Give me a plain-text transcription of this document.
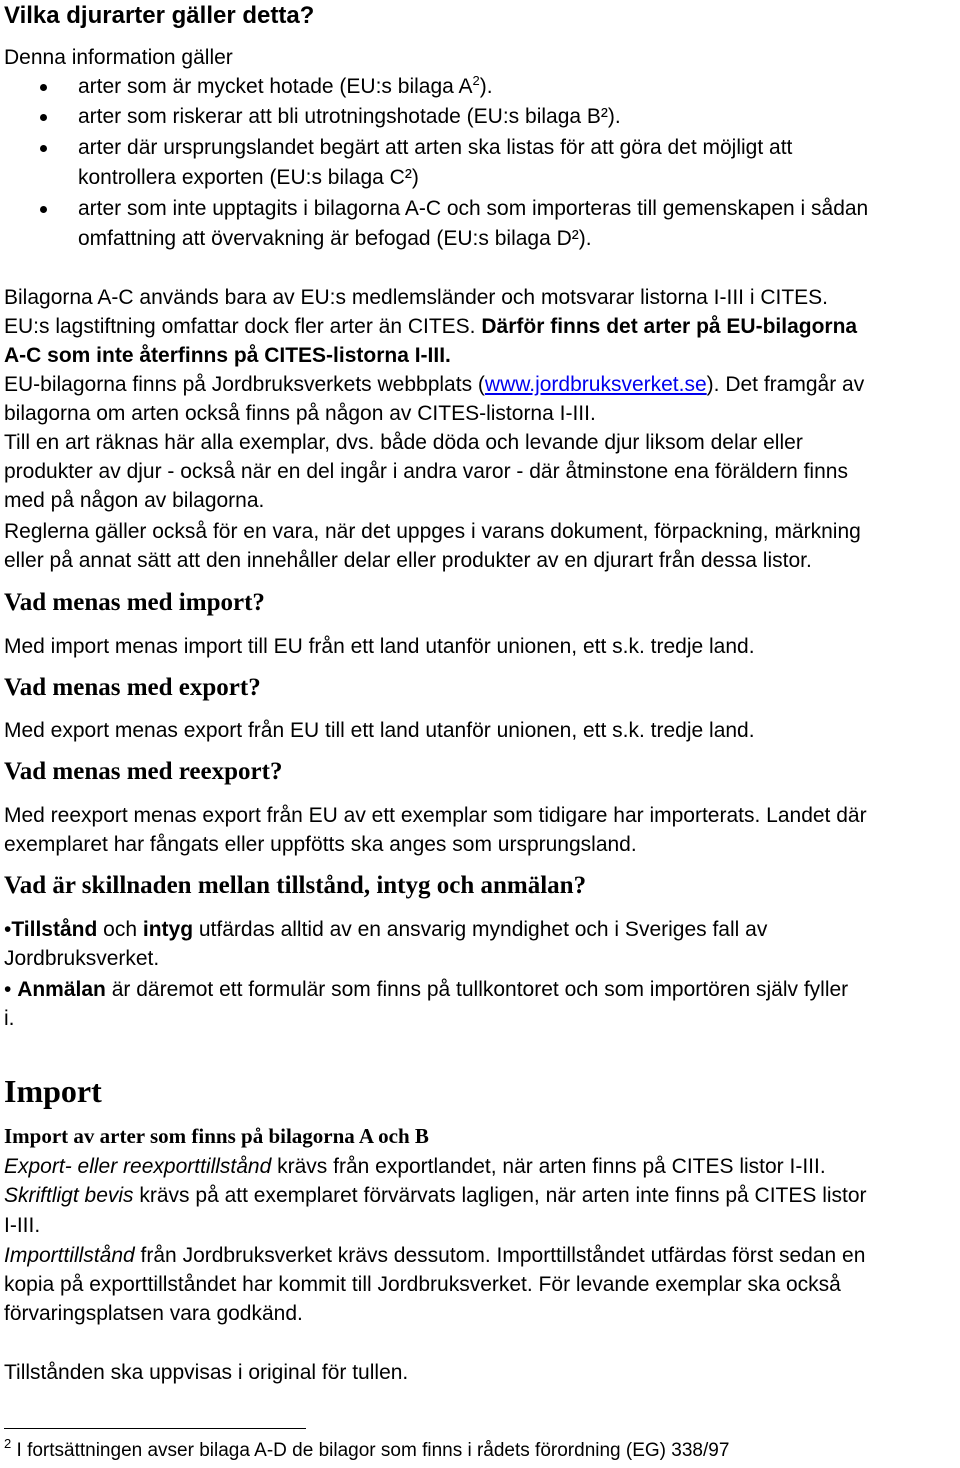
Vilka djurarter gäller detta?
Denna information gäller
arter som är mycket hotade (EU:s bilaga $A^2$).
arter som riskerar att bli utrotningshotade (EU:s bilaga B²).
arter där ursprungslandet begärt att arten ska listas för att göra det möjligt att
kontrollera exporten (EU:s bilaga C²)
arter som inte upptagits i bilagorna A-C och som importeras till gemenskapen i sådan
omfattning att övervakning är befogad (EU:s bilaga D²).
Bilagorna A-C används bara av EU:s medlemsländer och motsvarar listorna I-III i CITES.
EU:s lagstiftning omfattar dock fler arter än CITES. Därför finns det arter på EU-bilagorna
A-C som inte återfinns på CITES-listorna I-III.
EU-bilagorna finns på Jordbruksverkets webbplats (www.jordbruksverket.se). Det framgår av
bilagorna om arten också finns på någon av CITES-listorna I-III.
Till en art räknas här alla exemplar, dvs. både döda och levande djur liksom delar eller
produkter av djur - också när en del ingår i andra varor - där åtminstone ena föräldern finns
med på någon av bilagorna.
Reglerna gäller också för en vara, när det uppges i varans dokument, förpackning, märkning
eller på annat sätt att den innehåller delar eller produkter av en djurart från dessa listor.
Vad menas med import?
Med import menas import till EU från ett land utanför unionen, ett s.k. tredje land.
Vad menas med export?
Med export menas export från EU till ett land utanför unionen, ett s.k. tredje land.
Vad menas med reexport?
Med reexport menas export från EU av ett exemplar som tidigare har importerats. Landet där
exemplaret har fångats eller uppfötts ska anges som ursprungsland.
Vad är skillnaden mellan tillstånd, intyg och anmälan?
•Tillstånd och intyg utfärdas alltid av en ansvarig myndighet och i Sveriges fall av
Jordbruksverket.
• Anmälan är däremot ett formulär som finns på tullkontoret och som importören själv fyller
i.
Import
Import av arter som finns på bilagorna A och B
Export- eller reexporttillstånd krävs från exportlandet, när arten finns på CITES listor I-III.
Skriftligt bevis krävs på att exemplaret förvärvats lagligen, när arten inte finns på CITES listor
I-III.
Importtillstånd från Jordbruksverket krävs dessutom. Importtillståndet utfärdas först sedan en
kopia på exporttillståndet har kommit till Jordbruksverket. För levande exemplar ska också
förvaringsplatsen vara godkänd.
Tillstånden ska uppvisas i original för tullen.
$^2$ I fortsättningen avser bilaga A-D de bilagor som finns i rådets förordning (EG) 338/97
